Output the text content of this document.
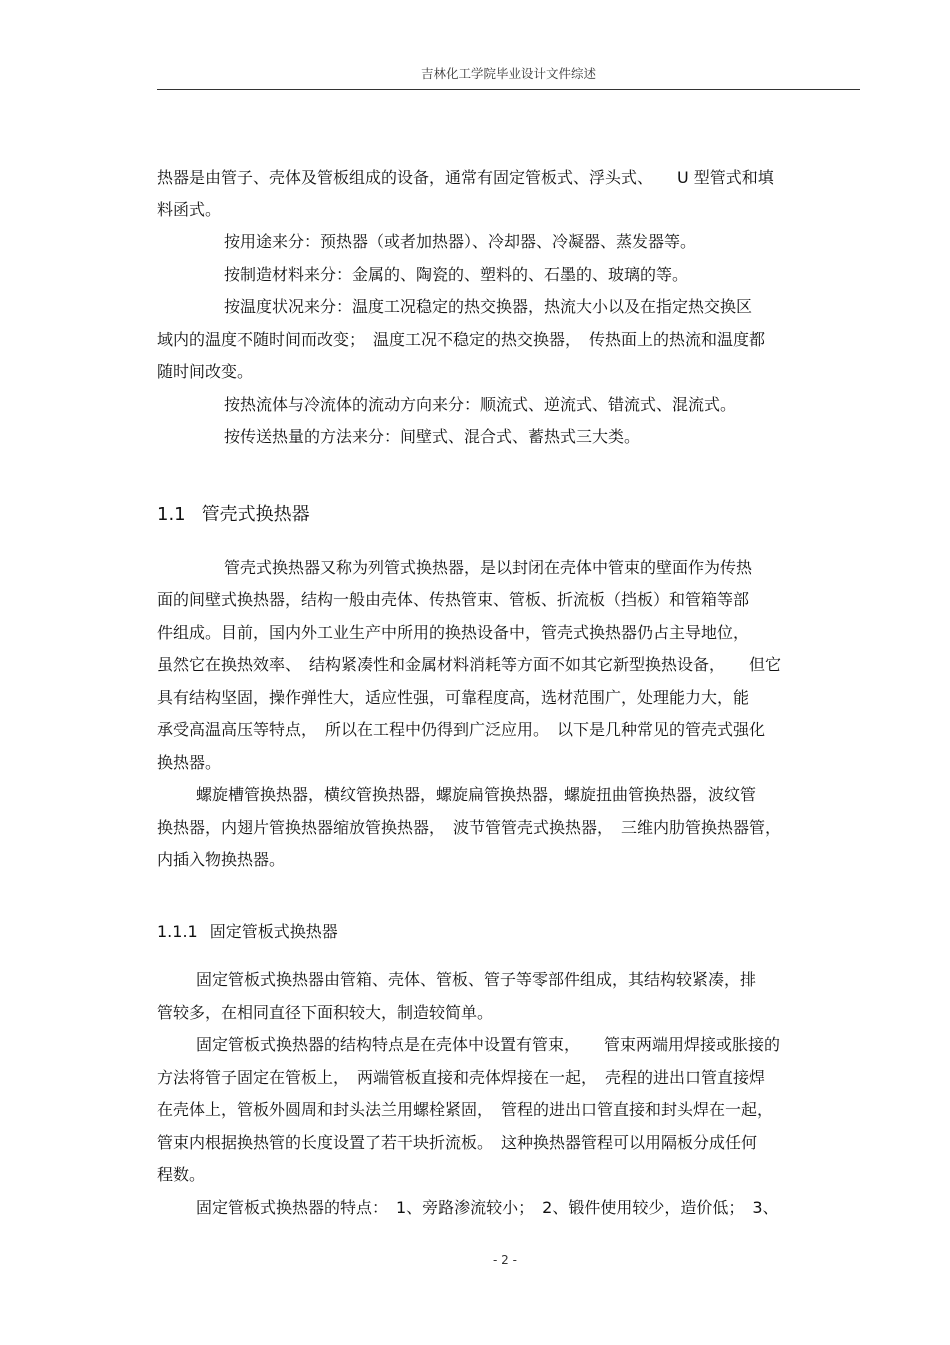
吉林化工学院毕业设计文件综述
热器是由管子、壳体及管板组成的设备，通常有固定管板式、浮头式、　　U 型管式和填
料函式。
按用途来分：预热器（或者加热器）、冷却器、冷凝器、蒸发器等。
按制造材料来分：金属的、陶瓷的、塑料的、石墨的、玻璃的等。
按温度状况来分：温度工况稳定的热交换器，热流大小以及在指定热交换区
域内的温度不随时间而改变；　温度工况不稳定的热交换器，　传热面上的热流和温度都
随时间改变。
按热流体与冷流体的流动方向来分：顺流式、逆流式、错流式、混流式。
按传送热量的方法来分：间壁式、混合式、蓄热式三大类。
1.1 管壳式换热器
管壳式换热器又称为列管式换热器，是以封闭在壳体中管束的壁面作为传热
面的间壁式换热器，结构一般由壳体、传热管束、管板、折流板（挡板）和管箱等部
件组成。目前，国内外工业生产中所用的换热设备中，管壳式换热器仍占主导地位，
虽然它在换热效率、　结构紧凑性和金属材料消耗等方面不如其它新型换热设备，　　但它
具有结构坚固，操作弹性大，适应性强，可靠程度高，选材范围广，处理能力大，能
承受高温高压等特点，　所以在工程中仍得到广泛应用。　以下是几种常见的管壳式强化
换热器。
螺旋槽管换热器，横纹管换热器，螺旋扁管换热器，螺旋扭曲管换热器，波纹管
换热器，内翅片管换热器缩放管换热器，　波节管管壳式换热器，　三维内肋管换热器管，
内插入物换热器。
1.1.1 固定管板式换热器
固定管板式换热器由管箱、壳体、管板、管子等零部件组成，其结构较紧凑，排
管较多，在相同直径下面积较大，制造较简单。
固定管板式换热器的结构特点是在壳体中设置有管束，　　管束两端用焊接或胀接的
方法将管子固定在管板上，　两端管板直接和壳体焊接在一起，　壳程的进出口管直接焊
在壳体上，管板外圆周和封头法兰用螺栓紧固，　管程的进出口管直接和封头焊在一起，
管束内根据换热管的长度设置了若干块折流板。　这种换热器管程可以用隔板分成任何
程数。
固定管板式换热器的特点：　1、旁路渗流较小；　2、锻件使用较少，造价低；　3、
- 2 -
